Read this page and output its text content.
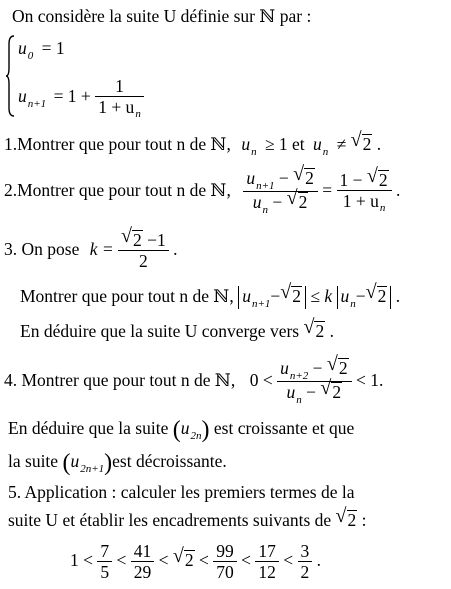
On considère la suite U définie sur ℕ par :
$u_0 = 1$
$u_{n+1} = 1 + \frac{1}{1 + u_n}$
1.Montrer que pour tout n de ℕ, $u_n \ge 1$ et $u_n$ ≠ √ 2 .
2.Montrer que pour tout n de ℕ, $\frac{u_{n+1} - √ 2}{u_n - √ 2} = \frac{1 - √ 2}{1 + u_n}$ .
3. On pose $k = \frac{√ 2 -1}{2}$ .
Montrer que pour tout n de ℕ, $u_{n+1}-$ √ 2 ≤ k $u_n-$ √ 2 .
En déduire que la suite U converge vers √ 2 .
4. Montrer que pour tout n de ℕ, $0 < \frac{u_{n+2} - √ 2}{u_n - √ 2} < 1$.
En déduire que la suite $(u_{2n})$ est croissante et que
la suite $(u_{2n+1})est$ décroissante.
5. Application : calculer les premiers termes de la
suite U et établir les encadrements suivants de √ 2 :
$1 < \frac{7}{5} < \frac{41}{29}$ < √ $2 < \frac{99}{70} < \frac{17}{12} < \frac{3}{2}$ .
